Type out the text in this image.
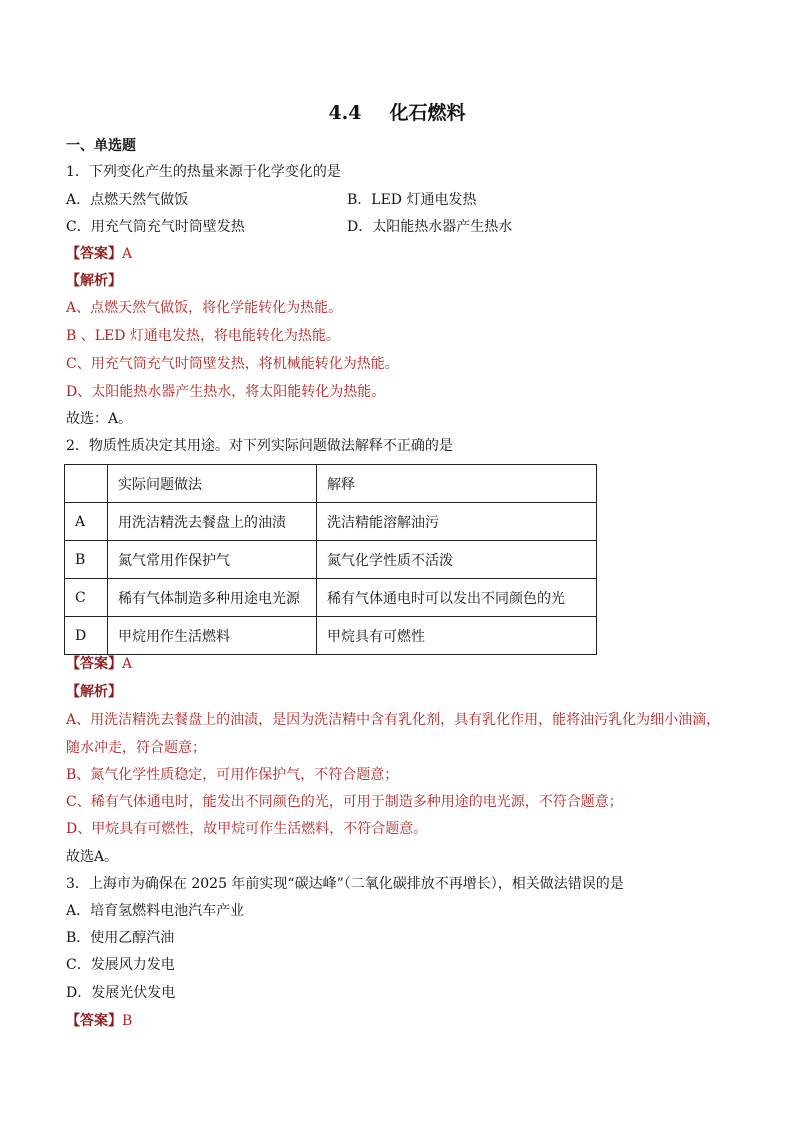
4.4 化石燃料
一、单选题
1．下列变化产生的热量来源于化学变化的是
A．点燃天然气做饭	B．LED 灯通电发热
C．用充气筒充气时筒壁发热	D．太阳能热水器产生热水
【答案】A
【解析】
A、点燃天然气做饭，将化学能转化为热能。
B 、LED 灯通电发热，将电能转化为热能。
C、用充气筒充气时筒壁发热，将机械能转化为热能。
D、太阳能热水器产生热水，将太阳能转化为热能。
故选：A。
2．物质性质决定其用途。对下列实际问题做法解释不正确的是
	实际问题做法	解释
A	用洗洁精洗去餐盘上的油渍	洗洁精能溶解油污
B	氮气常用作保护气	氮气化学性质不活泼
C	稀有气体制造多种用途电光源	稀有气体通电时可以发出不同颜色的光
D	甲烷用作生活燃料	甲烷具有可燃性
【答案】A
【解析】
A、用洗洁精洗去餐盘上的油渍，是因为洗洁精中含有乳化剂，具有乳化作用，能将油污乳化为细小油滴，
随水冲走，符合题意；
B、氮气化学性质稳定，可用作保护气，不符合题意；
C、稀有气体通电时，能发出不同颜色的光，可用于制造多种用途的电光源，不符合题意；
D、甲烷具有可燃性，故甲烷可作生活燃料，不符合题意。
故选A。
3．上海市为确保在 2025 年前实现“碳达峰”（二氧化碳排放不再增长），相关做法错误的是
A．培育氢燃料电池汽车产业
B．使用乙醇汽油
C．发展风力发电
D．发展光伏发电
【答案】B
